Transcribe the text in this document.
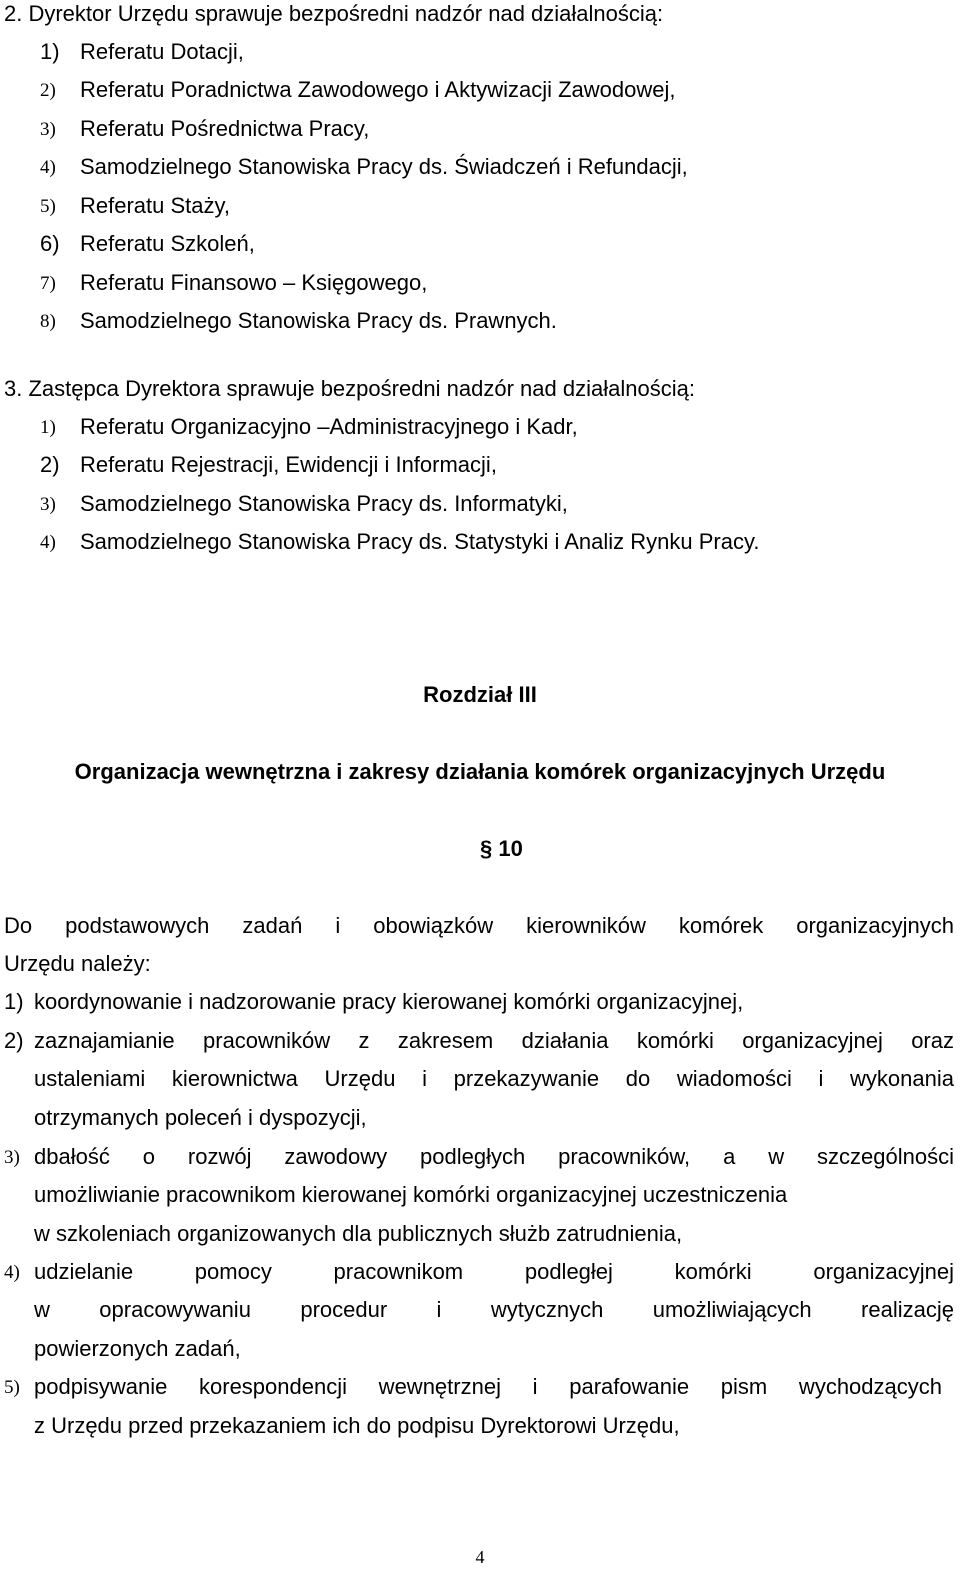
2. Dyrektor Urzędu sprawuje bezpośredni nadzór nad działalnością:
1) Referatu Dotacji,
2) Referatu Poradnictwa Zawodowego i Aktywizacji Zawodowej,
3) Referatu Pośrednictwa Pracy,
4) Samodzielnego Stanowiska Pracy ds. Świadczeń i Refundacji,
5) Referatu Staży,
6) Referatu Szkoleń,
7) Referatu Finansowo – Księgowego,
8) Samodzielnego Stanowiska Pracy ds. Prawnych.
3. Zastępca Dyrektora sprawuje bezpośredni nadzór nad działalnością:
1) Referatu Organizacyjno –Administracyjnego i Kadr,
2) Referatu Rejestracji, Ewidencji i Informacji,
3) Samodzielnego Stanowiska Pracy ds. Informatyki,
4) Samodzielnego Stanowiska Pracy ds. Statystyki i Analiz Rynku Pracy.
Rozdział III
Organizacja wewnętrzna i zakresy działania komórek organizacyjnych Urzędu
§ 10
Do podstawowych zadań i obowiązków kierowników komórek organizacyjnych
Urzędu należy:
1) koordynowanie i nadzorowanie pracy kierowanej komórki organizacyjnej,
2) zaznajamianie pracowników z zakresem działania komórki organizacyjnej oraz
ustaleniami kierownictwa Urzędu i przekazywanie do wiadomości i wykonania
otrzymanych poleceń i dyspozycji,
3) dbałość o rozwój zawodowy podległych pracowników, a w szczególności
umożliwianie pracownikom kierowanej komórki organizacyjnej uczestniczenia
w szkoleniach organizowanych dla publicznych służb zatrudnienia,
4) udzielanie pomocy pracownikom podległej komórki organizacyjnej
w opracowywaniu procedur i wytycznych umożliwiających realizację
powierzonych zadań,
5) podpisywanie korespondencji wewnętrznej i parafowanie pism wychodzących
z Urzędu przed przekazaniem ich do podpisu Dyrektorowi Urzędu,
4
